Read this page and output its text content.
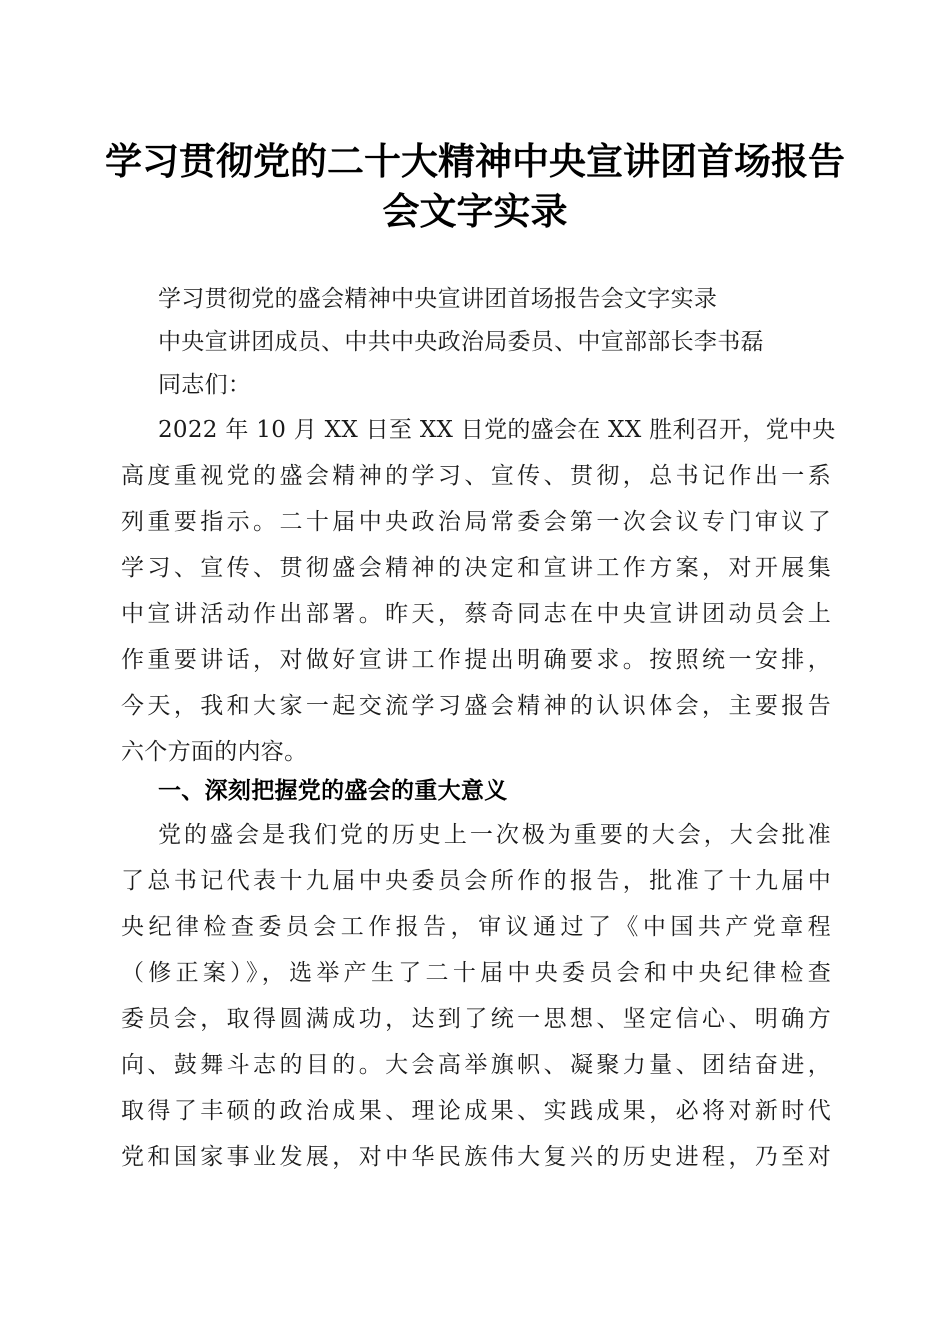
学习贯彻党的二十大精神中央宣讲团首场报告
会文字实录
学习贯彻党的盛会精神中央宣讲团首场报告会文字实录
中央宣讲团成员、中共中央政治局委员、中宣部部长李书磊
同志们：
2022 年 10 月 XX 日至 XX 日党的盛会在 XX 胜利召开，党中央
高度重视党的盛会精神的学习、宣传、贯彻，总书记作出一系
列重要指示。二十届中央政治局常委会第一次会议专门审议了
学习、宣传、贯彻盛会精神的决定和宣讲工作方案，对开展集
中宣讲活动作出部署。昨天，蔡奇同志在中央宣讲团动员会上
作重要讲话，对做好宣讲工作提出明确要求。按照统一安排，
今天，我和大家一起交流学习盛会精神的认识体会，主要报告
六个方面的内容。
一、深刻把握党的盛会的重大意义
党的盛会是我们党的历史上一次极为重要的大会，大会批准
了总书记代表十九届中央委员会所作的报告，批准了十九届中
央纪律检查委员会工作报告，审议通过了《中国共产党章程
（修正案）》，选举产生了二十届中央委员会和中央纪律检查
委员会，取得圆满成功，达到了统一思想、坚定信心、明确方
向、鼓舞斗志的目的。大会高举旗帜、凝聚力量、团结奋进，
取得了丰硕的政治成果、理论成果、实践成果，必将对新时代
党和国家事业发展，对中华民族伟大复兴的历史进程，乃至对
